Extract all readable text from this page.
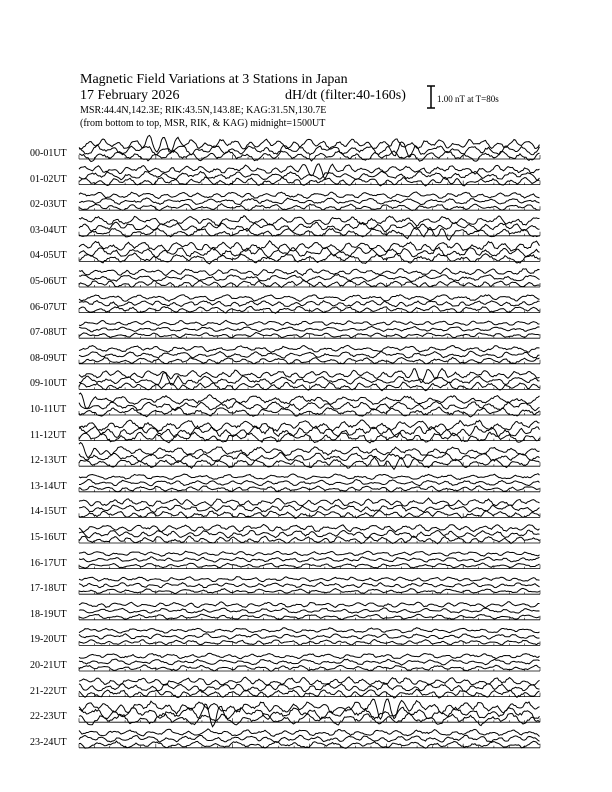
Magnetic Field Variations at 3 Stations in Japan
17 February 2026	dH/dt (filter:40-160s)
MSR:44.4N,142.3E; RIK:43.5N,143.8E; KAG:31.5N,130.7E
(from bottom to top, MSR, RIK, & KAG) midnight=1500UT
1.00 nT at T=80s
00-01UT
01-02UT
02-03UT
03-04UT
04-05UT
05-06UT
06-07UT
07-08UT
08-09UT
09-10UT
10-11UT
11-12UT
12-13UT
13-14UT
14-15UT
15-16UT
16-17UT
17-18UT
18-19UT
19-20UT
20-21UT
21-22UT
22-23UT
23-24UT
